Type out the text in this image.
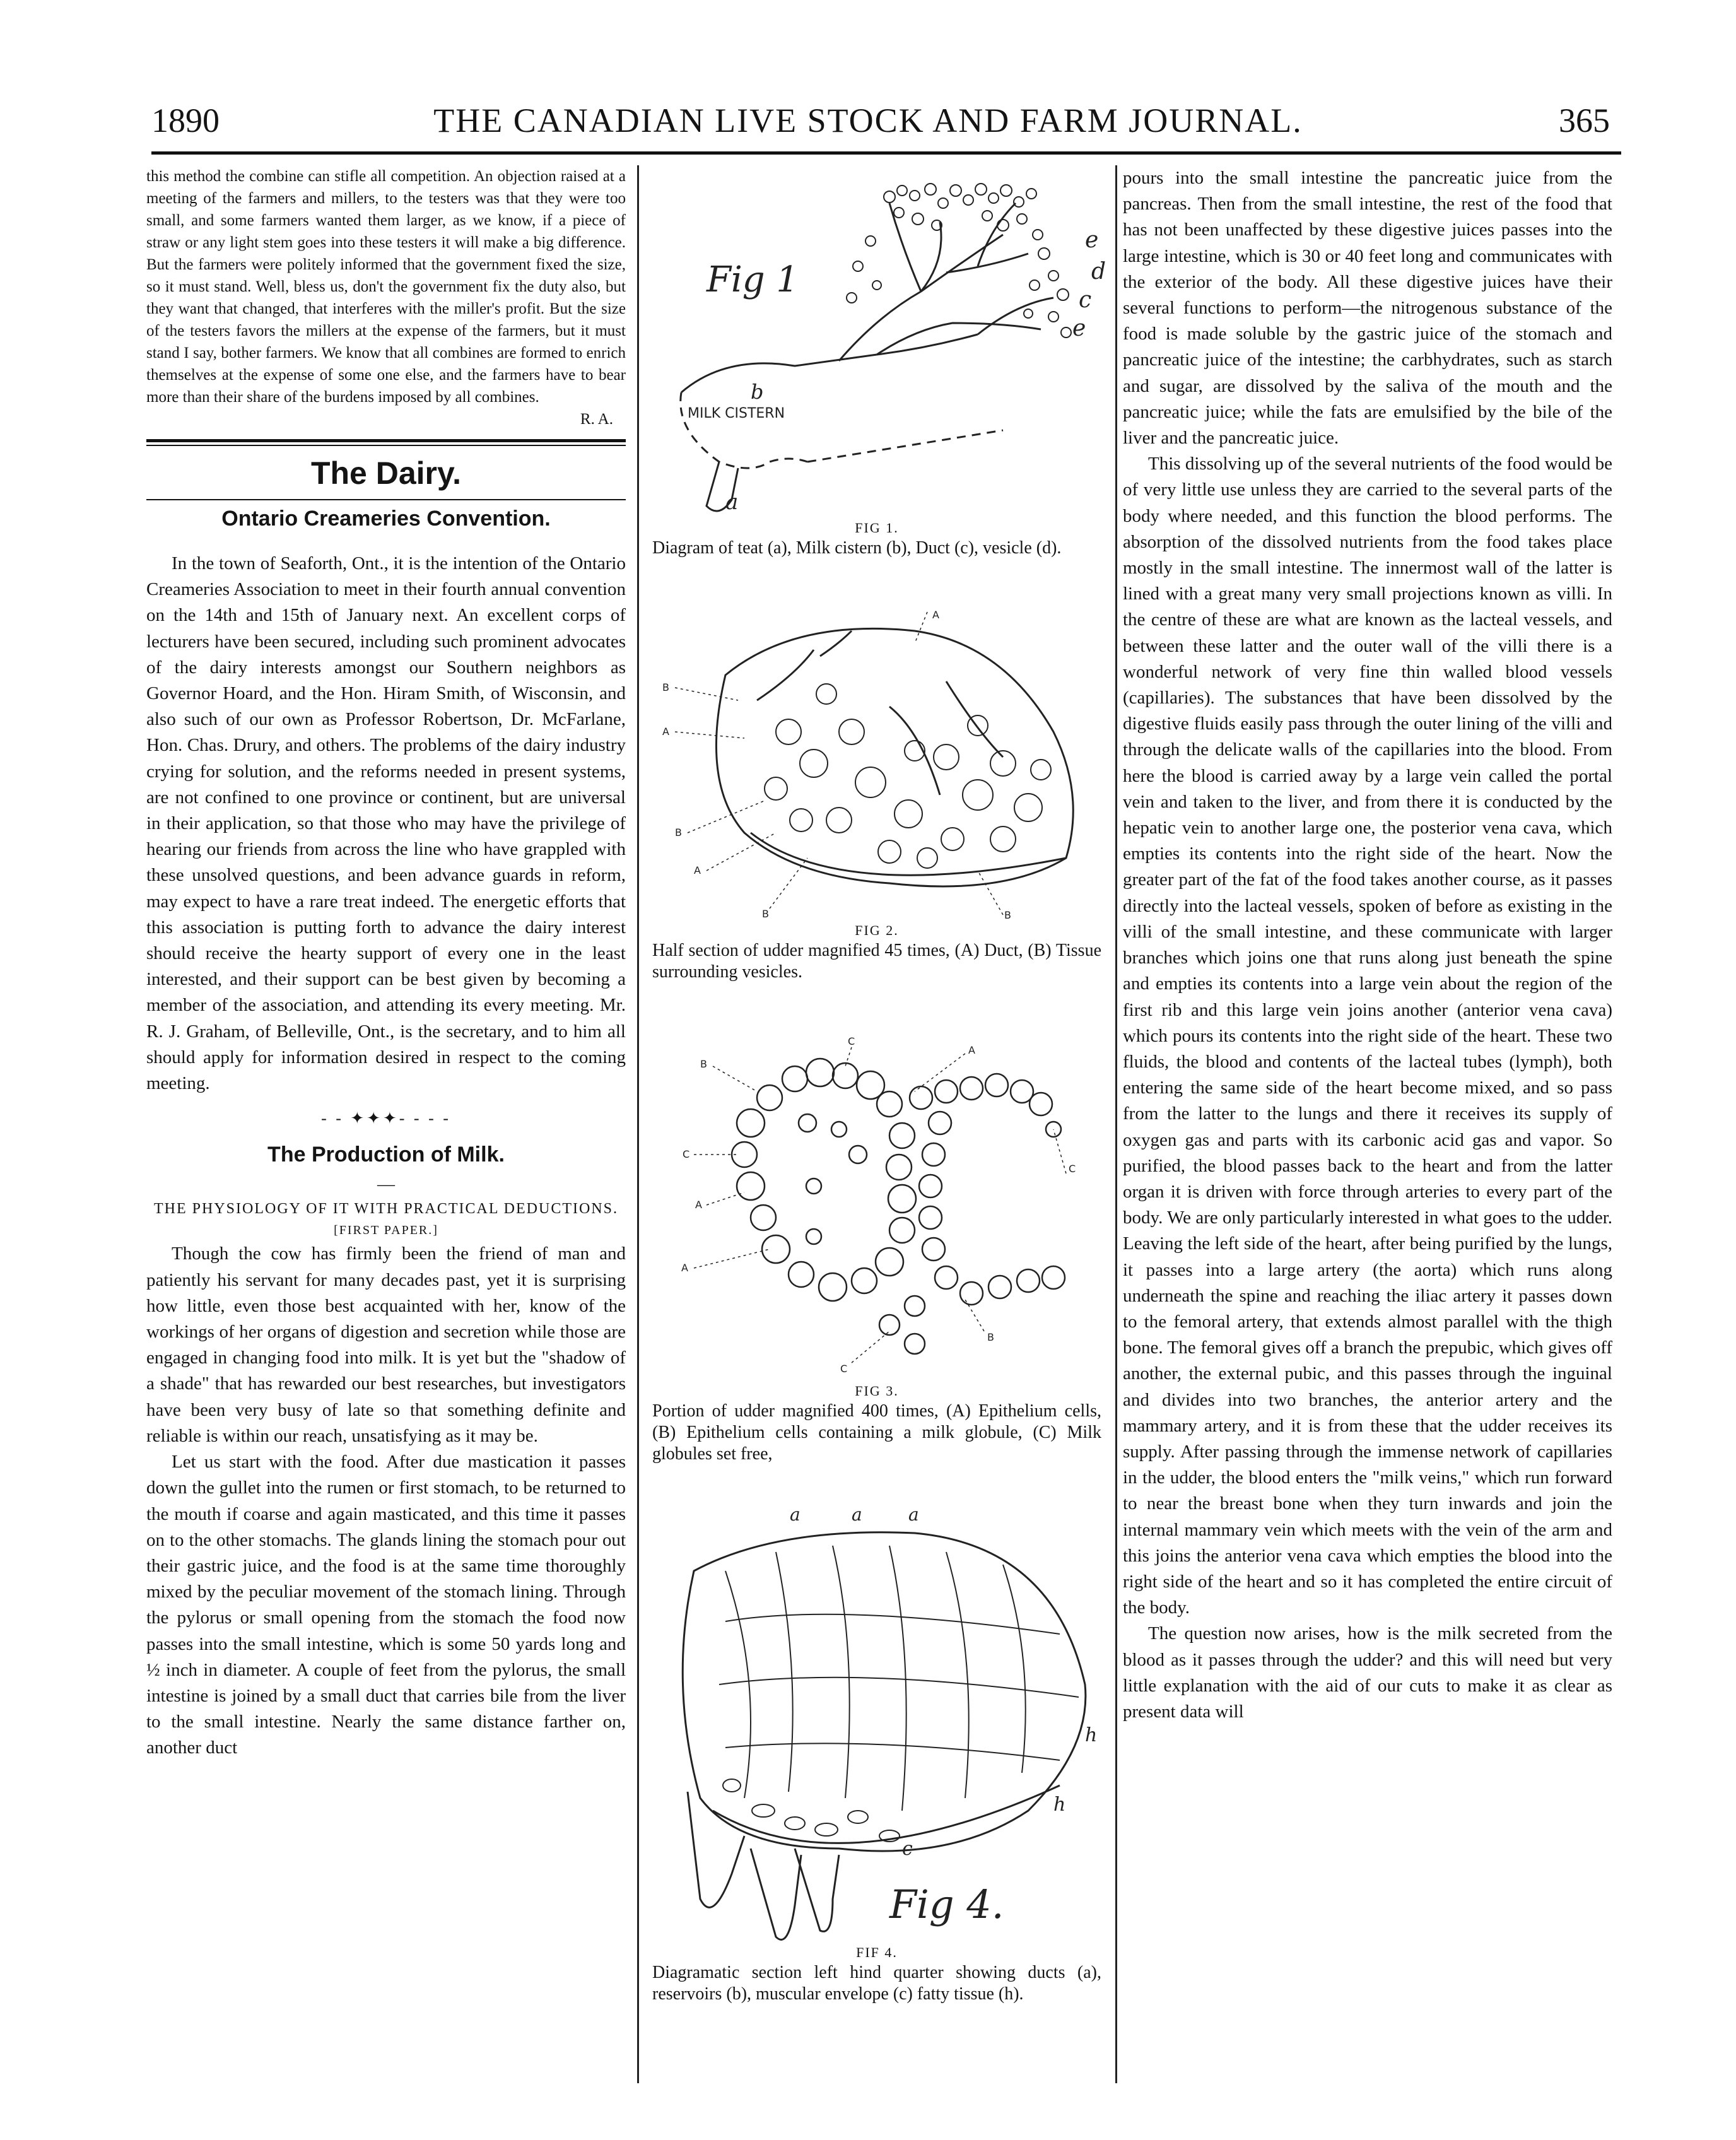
1890	THE CANADIAN LIVE STOCK AND FARM JOURNAL.	365

this method the combine can stifle all competition. An objection raised at a meeting of the farmers and millers, to the testers was that they were too small, and some farmers wanted them larger, as we know, if a piece of straw or any light stem goes into these testers it will make a big difference. But the farmers were politely informed that the government fixed the size, so it must stand. Well, bless us, don't the government fix the duty also, but they want that changed, that interferes with the miller's profit. But the size of the testers favors the millers at the expense of the farmers, but it must stand I say, bother farmers. We know that all combines are formed to enrich themselves at the expense of some one else, and the farmers have to bear more than their share of the burdens imposed by all combines.

R. A.

The Dairy.
Ontario Creameries Convention.

In the town of Seaforth, Ont., it is the intention of the Ontario Creameries Association to meet in their fourth annual convention on the 14th and 15th of January next. An excellent corps of lecturers have been secured, including such prominent advocates of the dairy interests amongst our Southern neighbors as Governor Hoard, and the Hon. Hiram Smith, of Wisconsin, and also such of our own as Professor Robertson, Dr. McFarlane, Hon. Chas. Drury, and others. The problems of the dairy industry crying for solution, and the reforms needed in present systems, are not confined to one province or continent, but are universal in their application, so that those who may have the privilege of hearing our friends from across the line who have grappled with these unsolved questions, and been advance guards in reform, may expect to have a rare treat indeed. The energetic efforts that this association is putting forth to advance the dairy interest should receive the hearty support of every one in the least interested, and their support can be best given by becoming a member of the association, and attending its every meeting. Mr. R. J. Graham, of Belleville, Ont., is the secretary, and to him all should apply for information desired in respect to the coming meeting.

- - ✦✦✦- - - -
The Production of Milk.
—
THE PHYSIOLOGY OF IT WITH PRACTICAL DEDUCTIONS.
[FIRST PAPER.]

Though the cow has firmly been the friend of man and patiently his servant for many decades past, yet it is surprising how little, even those best acquainted with her, know of the workings of her organs of digestion and secretion while those are engaged in changing food into milk. It is yet but the "shadow of a shade" that has rewarded our best researches, but investigators have been very busy of late so that something definite and reliable is within our reach, unsatisfying as it may be.

Let us start with the food. After due mastication it passes down the gullet into the rumen or first stomach, to be returned to the mouth if coarse and again masticated, and this time it passes on to the other stomachs. The glands lining the stomach pour out their gastric juice, and the food is at the same time thoroughly mixed by the peculiar movement of the stomach lining. Through the pylorus or small opening from the stomach the food now passes into the small intestine, which is some 50 yards long and ½ inch in diameter. A couple of feet from the pylorus, the small intestine is joined by a small duct that carries bile from the liver to the small intestine. Nearly the same distance farther on, another duct

Fig 1
e
d
c
e
b
MILK CISTERN
a
FIG 1.
Diagram of teat (a), Milk cistern (b), Duct (c), vesicle (d).
A
B
A
B
A
B	B
FIG 2.
Half section of udder magnified 45 times, (A) Duct, (B) Tissue surrounding vesicles.
B
C
A
C
A
C
A
B
C
FIG 3.
Portion of udder magnified 400 times, (A) Epithelium cells, (B) Epithelium cells containing a milk globule, (C) Milk globules set free,
a	a	a
h
h
c
Fig 4.
FIF 4.
Diagramatic section left hind quarter showing ducts (a), reservoirs (b), muscular envelope (c) fatty tissue (h).

pours into the small intestine the pancreatic juice from the pancreas. Then from the small intestine, the rest of the food that has not been unaffected by these digestive juices passes into the large intestine, which is 30 or 40 feet long and communicates with the exterior of the body. All these digestive juices have their several functions to perform—the nitrogenous substance of the food is made soluble by the gastric juice of the stomach and pancreatic juice of the intestine; the carbhydrates, such as starch and sugar, are dissolved by the saliva of the mouth and the pancreatic juice; while the fats are emulsified by the bile of the liver and the pancreatic juice.

This dissolving up of the several nutrients of the food would be of very little use unless they are carried to the several parts of the body where needed, and this function the blood performs. The absorption of the dissolved nutrients from the food takes place mostly in the small intestine. The innermost wall of the latter is lined with a great many very small projections known as villi. In the centre of these are what are known as the lacteal vessels, and between these latter and the outer wall of the villi there is a wonderful network of very fine thin walled blood vessels (capillaries). The substances that have been dissolved by the digestive fluids easily pass through the outer lining of the villi and through the delicate walls of the capillaries into the blood. From here the blood is carried away by a large vein called the portal vein and taken to the liver, and from there it is conducted by the hepatic vein to another large one, the posterior vena cava, which empties its contents into the right side of the heart. Now the greater part of the fat of the food takes another course, as it passes directly into the lacteal vessels, spoken of before as existing in the villi of the small intestine, and these communicate with larger branches which joins one that runs along just beneath the spine and empties its contents into a large vein about the region of the first rib and this large vein joins another (anterior vena cava) which pours its contents into the right side of the heart. These two fluids, the blood and contents of the lacteal tubes (lymph), both entering the same side of the heart become mixed, and so pass from the latter to the lungs and there it receives its supply of oxygen gas and parts with its carbonic acid gas and vapor. So purified, the blood passes back to the heart and from the latter organ it is driven with force through arteries to every part of the body. We are only particularly interested in what goes to the udder. Leaving the left side of the heart, after being purified by the lungs, it passes into a large artery (the aorta) which runs along underneath the spine and reaching the iliac artery it passes down to the femoral artery, that extends almost parallel with the thigh bone. The femoral gives off a branch the prepubic, which gives off another, the external pubic, and this passes through the inguinal and divides into two branches, the anterior artery and the mammary artery, and it is from these that the udder receives its supply. After passing through the immense network of capillaries in the udder, the blood enters the "milk veins," which run forward to near the breast bone when they turn inwards and join the internal mammary vein which meets with the vein of the arm and this joins the anterior vena cava which empties the blood into the right side of the heart and so it has completed the entire circuit of the body.

The question now arises, how is the milk secreted from the blood as it passes through the udder? and this will need but very little explanation with the aid of our cuts to make it as clear as present data will
